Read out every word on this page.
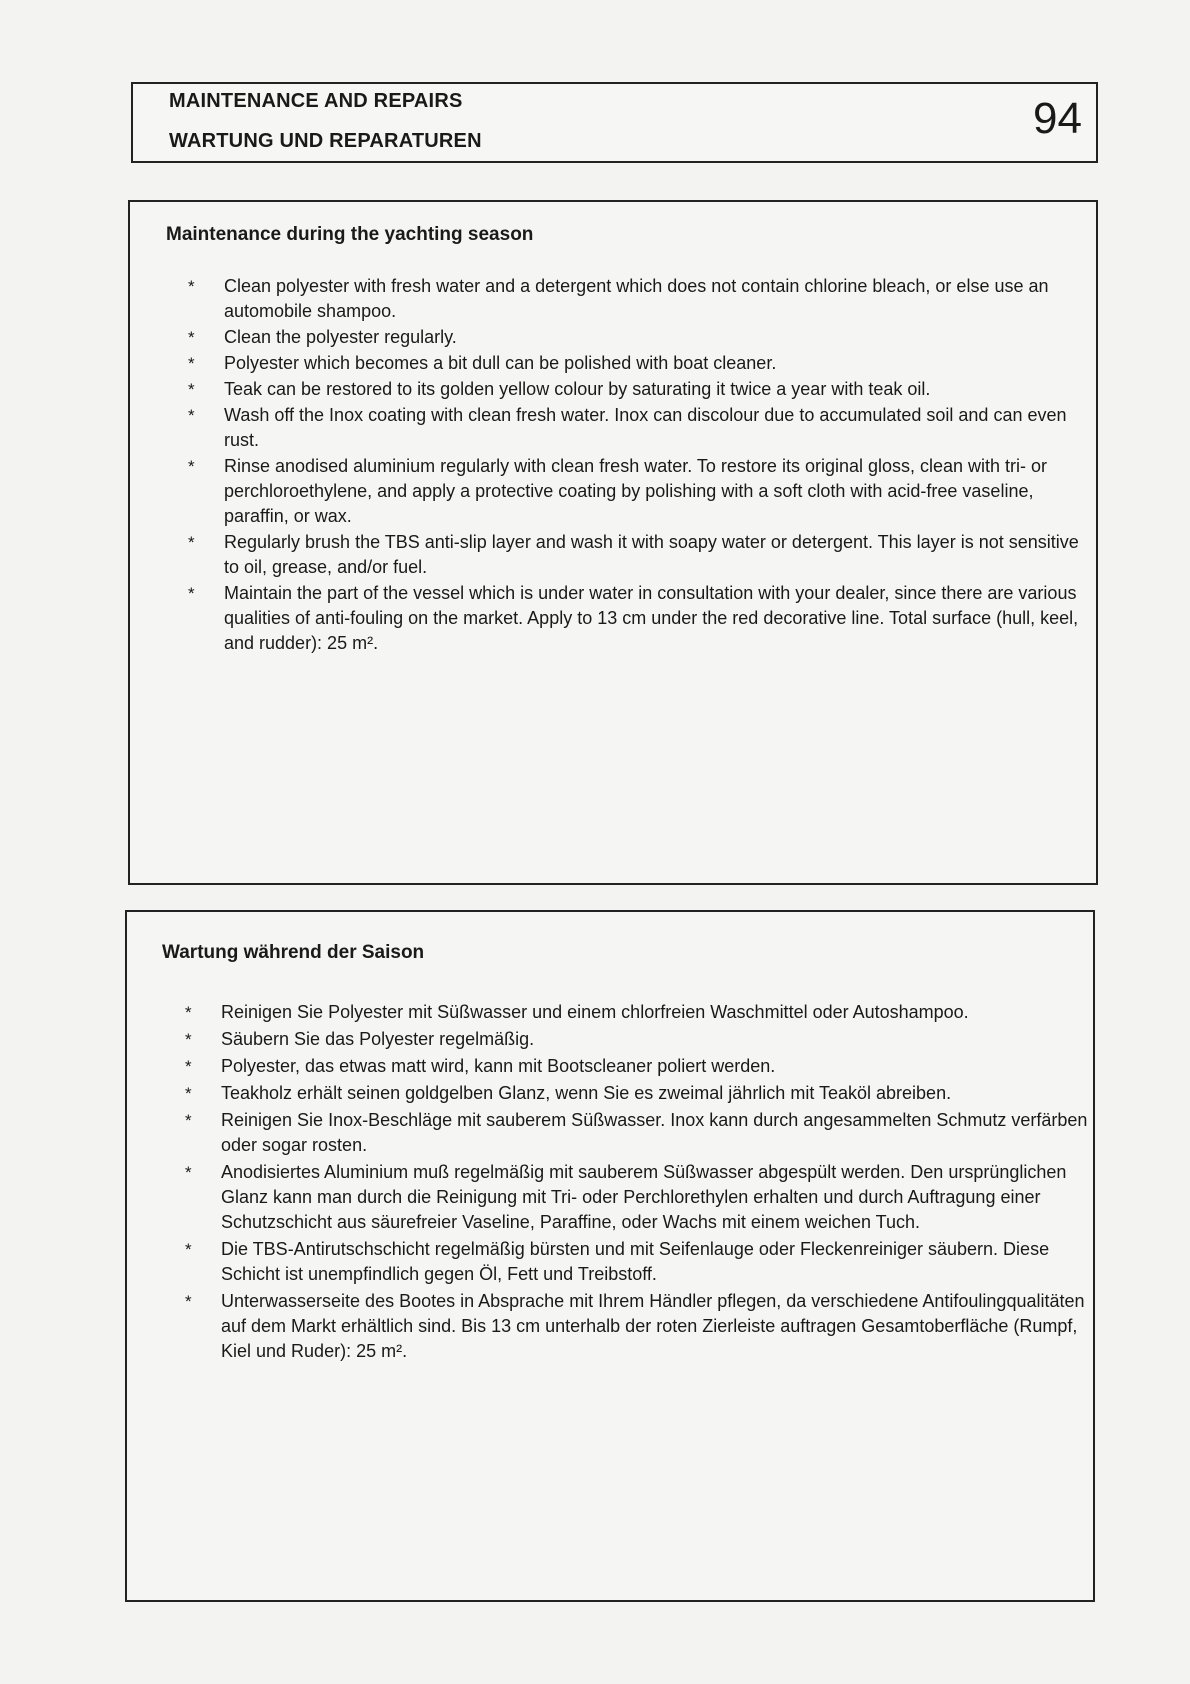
MAINTENANCE AND REPAIRS
WARTUNG UND REPARATUREN	94
Maintenance during the yachting season
* Clean polyester with fresh water and a detergent which does not contain chlorine bleach, or else use an automobile shampoo.
* Clean the polyester regularly.
* Polyester which becomes a bit dull can be polished with boat cleaner.
* Teak can be restored to its golden yellow colour by saturating it twice a year with teak oil.
* Wash off the Inox coating with clean fresh water. Inox can discolour due to accumulated soil and can even rust.
* Rinse anodised aluminium regularly with clean fresh water. To restore its original gloss, clean with tri- or perchloroethylene, and apply a protective coating by polishing with a soft cloth with acid-free vaseline, paraffin, or wax.
* Regularly brush the TBS anti-slip layer and wash it with soapy water or detergent. This layer is not sensitive to oil, grease, and/or fuel.
* Maintain the part of the vessel which is under water in consultation with your dealer, since there are various qualities of anti-fouling on the market. Apply to 13 cm under the red decorative line. Total surface (hull, keel, and rudder): 25 m².
Wartung während der Saison
* Reinigen Sie Polyester mit Süßwasser und einem chlorfreien Waschmittel oder Autoshampoo.
* Säubern Sie das Polyester regelmäßig.
* Polyester, das etwas matt wird, kann mit Bootscleaner poliert werden.
* Teakholz erhält seinen goldgelben Glanz, wenn Sie es zweimal jährlich mit Teaköl abreiben.
* Reinigen Sie Inox-Beschläge mit sauberem Süßwasser. Inox kann durch angesammelten Schmutz verfärben oder sogar rosten.
* Anodisiertes Aluminium muß regelmäßig mit sauberem Süßwasser abgespült werden. Den ursprünglichen Glanz kann man durch die Reinigung mit Tri- oder Perchlorethylen erhalten und durch Auftragung einer Schutzschicht aus säurefreier Vaseline, Paraffine, oder Wachs mit einem weichen Tuch.
* Die TBS-Antirutschschicht regelmäßig bürsten und mit Seifenlauge oder Fleckenreiniger säubern. Diese Schicht ist unempfindlich gegen Öl, Fett und Treibstoff.
* Unterwasserseite des Bootes in Absprache mit Ihrem Händler pflegen, da verschiedene Antifoulingqualitäten auf dem Markt erhältlich sind. Bis 13 cm unterhalb der roten Zierleiste auftragen Gesamtoberfläche (Rumpf, Kiel und Ruder): 25 m².
